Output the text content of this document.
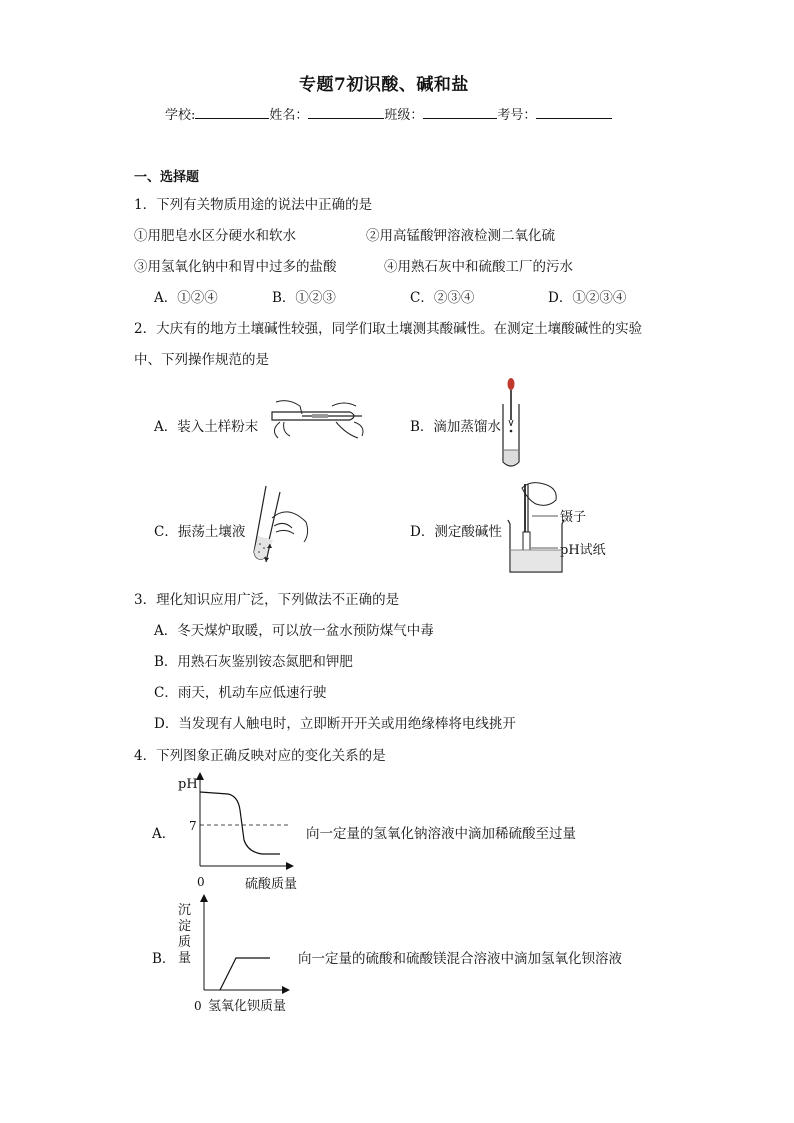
专题7初识酸、碱和盐
学校:	姓名：	班级：	考号：
一、选择题
1．下列有关物质用途的说法中正确的是
①用肥皂水区分硬水和软水	②用高锰酸钾溶液检测二氧化硫
③用氢氧化钠中和胃中过多的盐酸	④用熟石灰中和硫酸工厂的污水
A．①②④	B．①②③	C．②③④	D．①②③④
2．大庆有的地方土壤碱性较强，同学们取土壤测其酸碱性。在测定土壤酸碱性的实验
中、下列操作规范的是
A．装入土样粉末	B．滴加蒸馏水
C．振荡土壤液	D．测定酸碱性
镊子
pH试纸
3．理化知识应用广泛，下列做法不正确的是
A．冬天煤炉取暖，可以放一盆水预防煤气中毒
B．用熟石灰鉴别铵态氮肥和钾肥
C．雨天，机动车应低速行驶
D．当发现有人触电时，立即断开开关或用绝缘棒将电线挑开
4．下列图象正确反映对应的变化关系的是
A．
pH
7
0	硫酸质量
向一定量的氢氧化钠溶液中滴加稀硫酸至过量
B．
沉
淀
质
量
0 氢氧化钡质量
向一定量的硫酸和硫酸镁混合溶液中滴加氢氧化钡溶液
